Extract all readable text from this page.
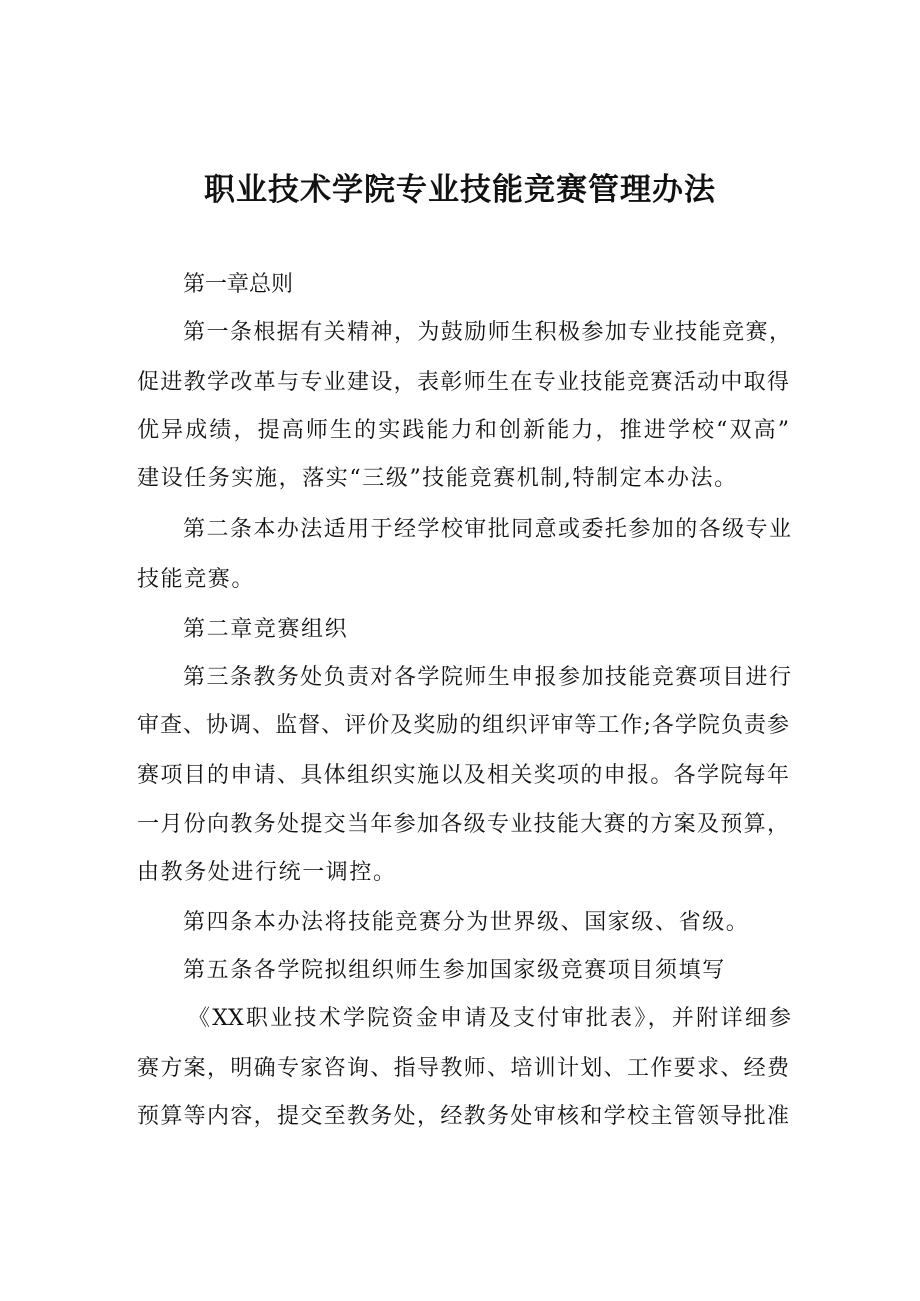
职业技术学院专业技能竞赛管理办法

第一章总则

第一条根据有关精神，为鼓励师生积极参加专业技能竞赛，

促进教学改革与专业建设，表彰师生在专业技能竞赛活动中取得

优异成绩，提高师生的实践能力和创新能力，推进学校“双高”

建设任务实施，落实“三级”技能竞赛机制,特制定本办法。

第二条本办法适用于经学校审批同意或委托参加的各级专业

技能竞赛。

第二章竞赛组织

第三条教务处负责对各学院师生申报参加技能竞赛项目进行

审查、协调、监督、评价及奖励的组织评审等工作;各学院负责参

赛项目的申请、具体组织实施以及相关奖项的申报。各学院每年

一月份向教务处提交当年参加各级专业技能大赛的方案及预算，

由教务处进行统一调控。

第四条本办法将技能竞赛分为世界级、国家级、省级。

第五条各学院拟组织师生参加国家级竞赛项目须填写

《XX职业技术学院资金申请及支付审批表》，并附详细参

赛方案，明确专家咨询、指导教师、培训计划、工作要求、经费

预算等内容，提交至教务处，经教务处审核和学校主管领导批准
